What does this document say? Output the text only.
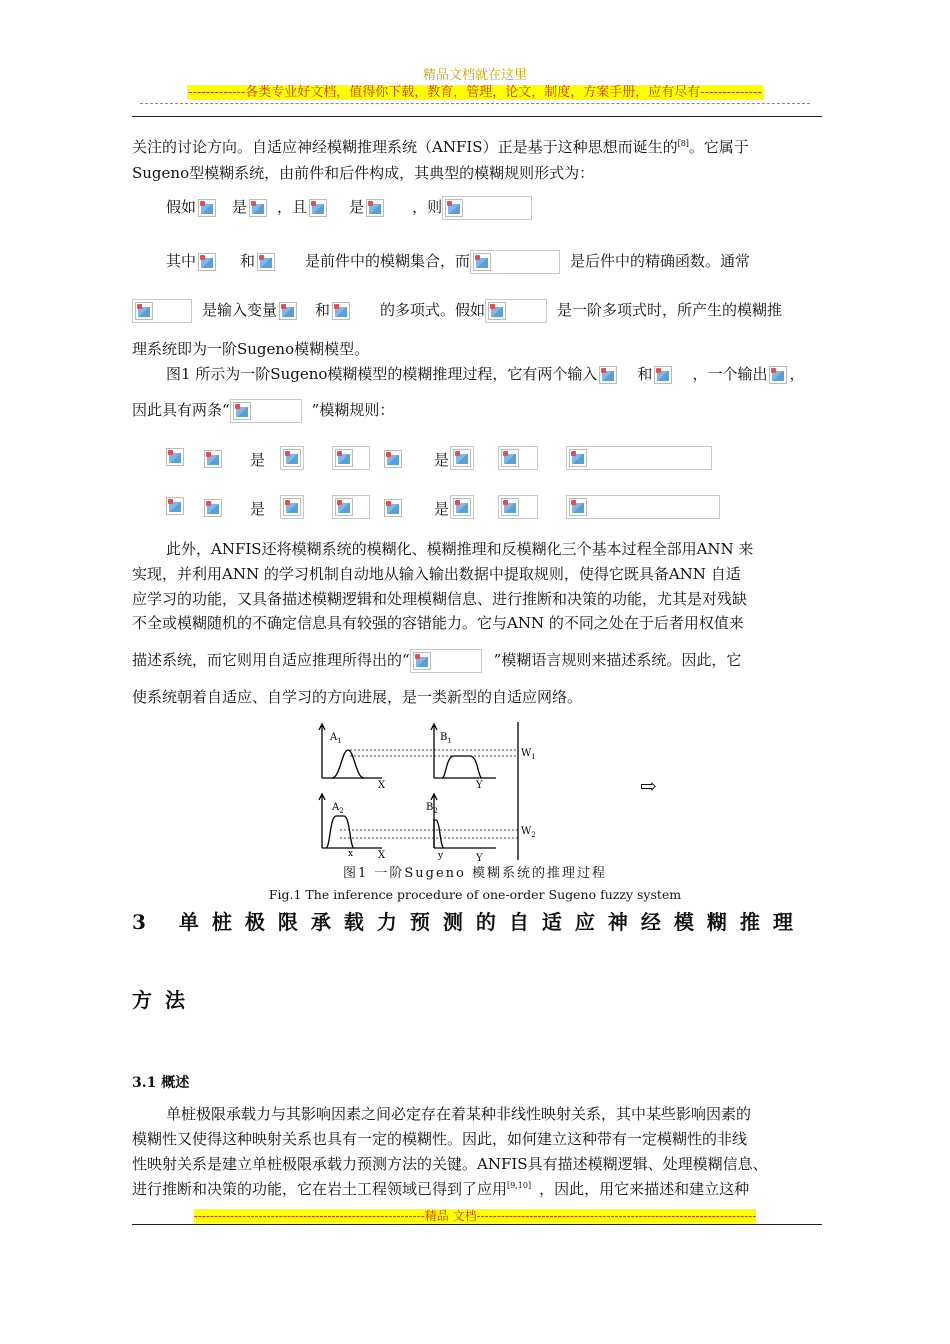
精品文档就在这里
-------------各类专业好文档，值得你下载，教育，管理，论文，制度，方案手册，应有尽有--------------
关注的讨论方向。自适应神经模糊推理系统（ANFIS）正是基于这种思想而诞生的[8]。它属于
Sugeno型模糊系统，由前件和后件构成，其典型的模糊规则形式为：
假如 是 ，且	是	，则
其中	和	是前件中的模糊集合，而	是后件中的精确函数。通常
是输入变量	和	的多项式。假如	是一阶多项式时，所产生的模糊推
理系统即为一阶Sugeno模糊模型。
图1 所示为一阶Sugeno模糊模型的模糊推理过程，它有两个输入	和	，一个输出 ，
因此具有两条“	”模糊规则：
是	是
是	是
此外，ANFIS还将模糊系统的模糊化、模糊推理和反模糊化三个基本过程全部用ANN 来
实现，并利用ANN 的学习机制自动地从输入输出数据中提取规则，使得它既具备ANN 自适
应学习的功能，又具备描述模糊逻辑和处理模糊信息、进行推断和决策的功能，尤其是对残缺
不全或模糊随机的不确定信息具有较强的容错能力。它与ANN 的不同之处在于后者用权值来
描述系统，而它则用自适应推理所得出的“	”模糊语言规则来描述系统。因此，它
使系统朝着自适应、自学习的方向进展，是一类新型的自适应网络。
$A_1$	$B_1$
$A_2$	$B_2$
$W_1$
$W_2$
X	Y
X	Y
x	y
⇨
图1 一阶Sugeno 模糊系统的推理过程
Fig.1 The inference procedure of one-order Sugeno fuzzy system
3 单桩极限承载力预测的自适应神经模糊推理
方法
3.1 概述
单桩极限承载力与其影响因素之间必定存在着某种非线性映射关系，其中某些影响因素的
模糊性又使得这种映射关系也具有一定的模糊性。因此，如何建立这种带有一定模糊性的非线
性映射关系是建立单桩极限承载力预测方法的关键。ANFIS具有描述模糊逻辑、处理模糊信息、
进行推断和决策的功能，它在岩土工程领域已得到了应用[9,10] ，因此，用它来描述和建立这种
---------------------------------------------------------精品 文档---------------------------------------------------------------------
